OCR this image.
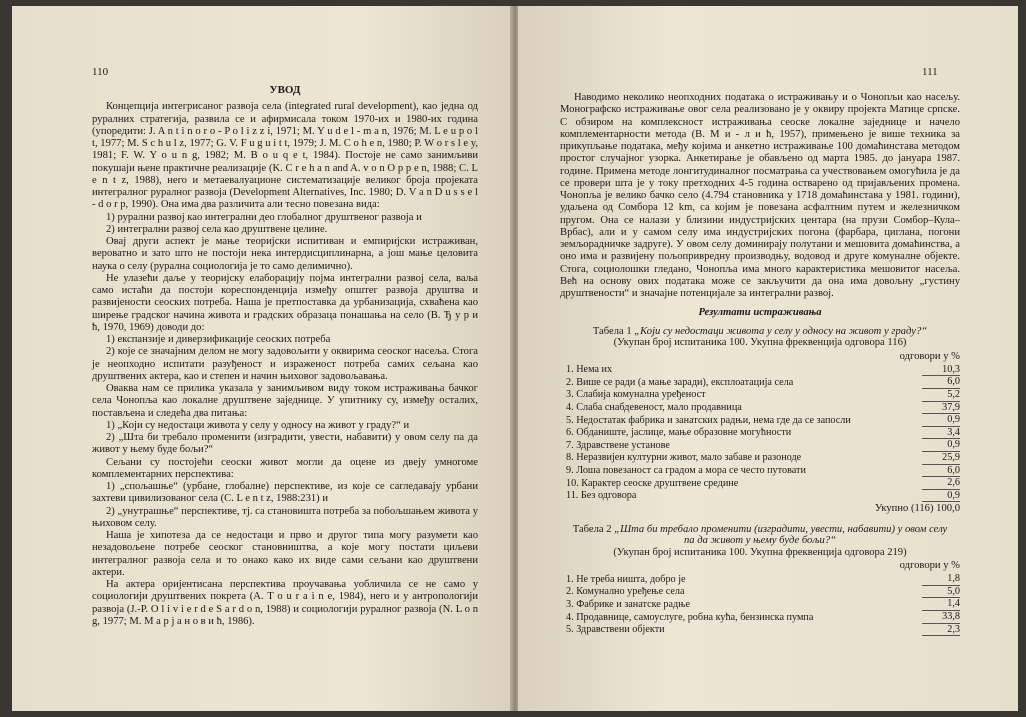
110
УВОД

Концепција интегрисаног развоја села (integrated rural development), као једна од руралних стратегија, развила се и афирмисала током 1970-их и 1980-их година (упоредити: J. A n t i n o r o - P o l i z z i, 1971; M. Y u d e l - m a n, 1976; M. L e u p o l t, 1977; M. S c h u l z, 1977; G. V. F u g u i t t, 1979; J. M. C o h e n, 1980; P. W o r s l e y, 1981; F. W. Y o u n g, 1982; M. B o u q e t, 1984). Постоје не само занимљиви покушаји њене практичне реализације (K. C r e h a n and A. v o n O p p e n, 1988; C. L e n t z, 1988), него и метаевалуационе систематизације великог броја пројеката интегралног руралног развоја (Development Alternatives, Inc. 1980; D. V a n D u s s e l - d o r p, 1990). Она има два различита али тесно повезана вида:

1) рурални развој као интегрални део глобалног друштвеног развоја и

2) интегрални развој села као друштвене целине.

Овај други аспект је мање теоријски испитиван и емпиријски истраживан, вероватно и зато што не постоји нека интердисциплинарна, а још мање целовита наука о селу (рурална социологија је то само делимично).

Не улазећи даље у теоријску елаборацију појма интегрални развој села, ваља само истаћи да постоји кореспонденција између општег развоја друштва и развијености сеоских потреба. Наша је претпоставка да урбанизација, схваћена као ширење градског начина живота и градских образаца понашања на село (В. Ђ у р и ћ, 1970, 1969) доводи до:

1) експанзије и диверзификације сеоских потреба

2) које се значајним делом не могу задовољити у оквирима сеоског насеља. Стога је неопходно испитати разуђеност и израженост потреба самих сељана као друштвених актера, као и степен и начин њиховог задовољавања.

Оваква нам се прилика указала у занимљивом виду током истраживања бачког села Чонопља као локалне друштвене заједнице. У упитнику су, између осталих, постављена и следећа два питања:

1) „Који су недостаци живота у селу у односу на живот у граду?“ и

2) „Шта би требало променити (изградити, увести, набавити) у овом селу па да живот у њему буде бољи?“

Сељани су постојећи сеоски живот могли да оцене из двеју умногоме комплементарних перспектива:

1) „спољашње“ (урбане, глобалне) перспективе, из које се сагледавају урбани захтеви цивилизованог села (C. L e n t z, 1988:231) и

2) „унутрашње“ перспективе, тј. са становишта потреба за побољшањем живота у њиховом селу.

Наша је хипотеза да се недостаци и прво и другог типа могу разумети као незадовољене потребе сеоског становништва, а које могу постати циљеви интегралног развоја села и то онако како их виде сами сељани као друштвени актери.

На актера оријентисана перспектива проучавања уобличила се не само у социологији друштвених покрета (A. T o u r a i n e, 1984), него и у антропологији развоја (J.-P. O l i v i e r d e S a r d o n, 1988) и социологији руралног развоја (N. L o n g, 1977; M. М а р ј а н о в и ћ, 1986).

111

Наводимо неколико неопходних података о истраживању и о Чонопљи као насељу. Монографско истраживање овог села реализовано је у оквиру пројекта Матице српске. С обзиром на комплексност истраживања сеоске локалне заједнице и начело комплементарности метода (В. М и - л и ћ, 1957), примењено је више техника за прикупљање података, међу којима и анкетно истраживање 100 домаћинстава методом простог случајног узорка. Анкетирање је обављено од марта 1985. до јануара 1987. године. Примена методе лонгитудиналног посматрања са учествовањем омогућила је да се провери шта је у току претходних 4-5 година остварено од пријављених промена. Чонопља је велико бачко село (4.794 становника у 1718 домаћинстава у 1981. години), удаљена од Сомбора 12 km, са којим је повезана асфалтним путем и железничком пругом. Она се налази у близини индустријских центара (на прузи Сомбор–Кула–Врбас), али и у самом селу има индустријских погона (фарбара, циглана, погони земљорадничке задруге). У овом селу доминирају полутани и мешовита домаћинства, а оно има и развијену пољопривредну производњу, водовод и друге комуналне објекте. Стога, социолошки гледано, Чонопља има много карактеристика мешовитог насеља. Већ на основу ових података може се закључити да она има довољну „густину друштвености“ и значајне потенцијале за интегрални развој.

Резултати истраживања
Табела 1 „Који су недостаци живота у селу у односу на живот у граду?“
(Укупан број испитаника 100. Укупна фреквенција одговора 116)
одговори у %
1. Нема их	10,3
2. Више се ради (а мање заради), експлоатација села	6,0
3. Слабија комунална уређеност	5,2
4. Слаба снабдевеност, мало продавница	37,9
5. Недостатак фабрика и занатских радњи, нема где да се запосли	0,9
6. Обданиште, јаслице, мање образовне могућности	3,4
7. Здравствене установе	0,9
8. Неразвијен културни живот, мало забаве и разоноде	25,9
9. Лоша повезаност са градом а мора се често путовати	6,0
10. Карактер сеоске друштвене средине	2,6
11. Без одговора	0,9
Укупно (116) 100,0
Табела 2 „Шта би требало променити (изградити, увести, набавити) у овом селу
па да живот у њему буде бољи?“
(Укупан број испитаника 100. Укупна фреквенција одговора 219)
одговори у %
1. Не треба ништа, добро је	1,8
2. Комунално уређење села	5,0
3. Фабрике и занатске радње	1,4
4. Продавнице, самоуслуге, робна кућа, бензинска пумпа	33,8
5. Здравствени објекти	2,3
